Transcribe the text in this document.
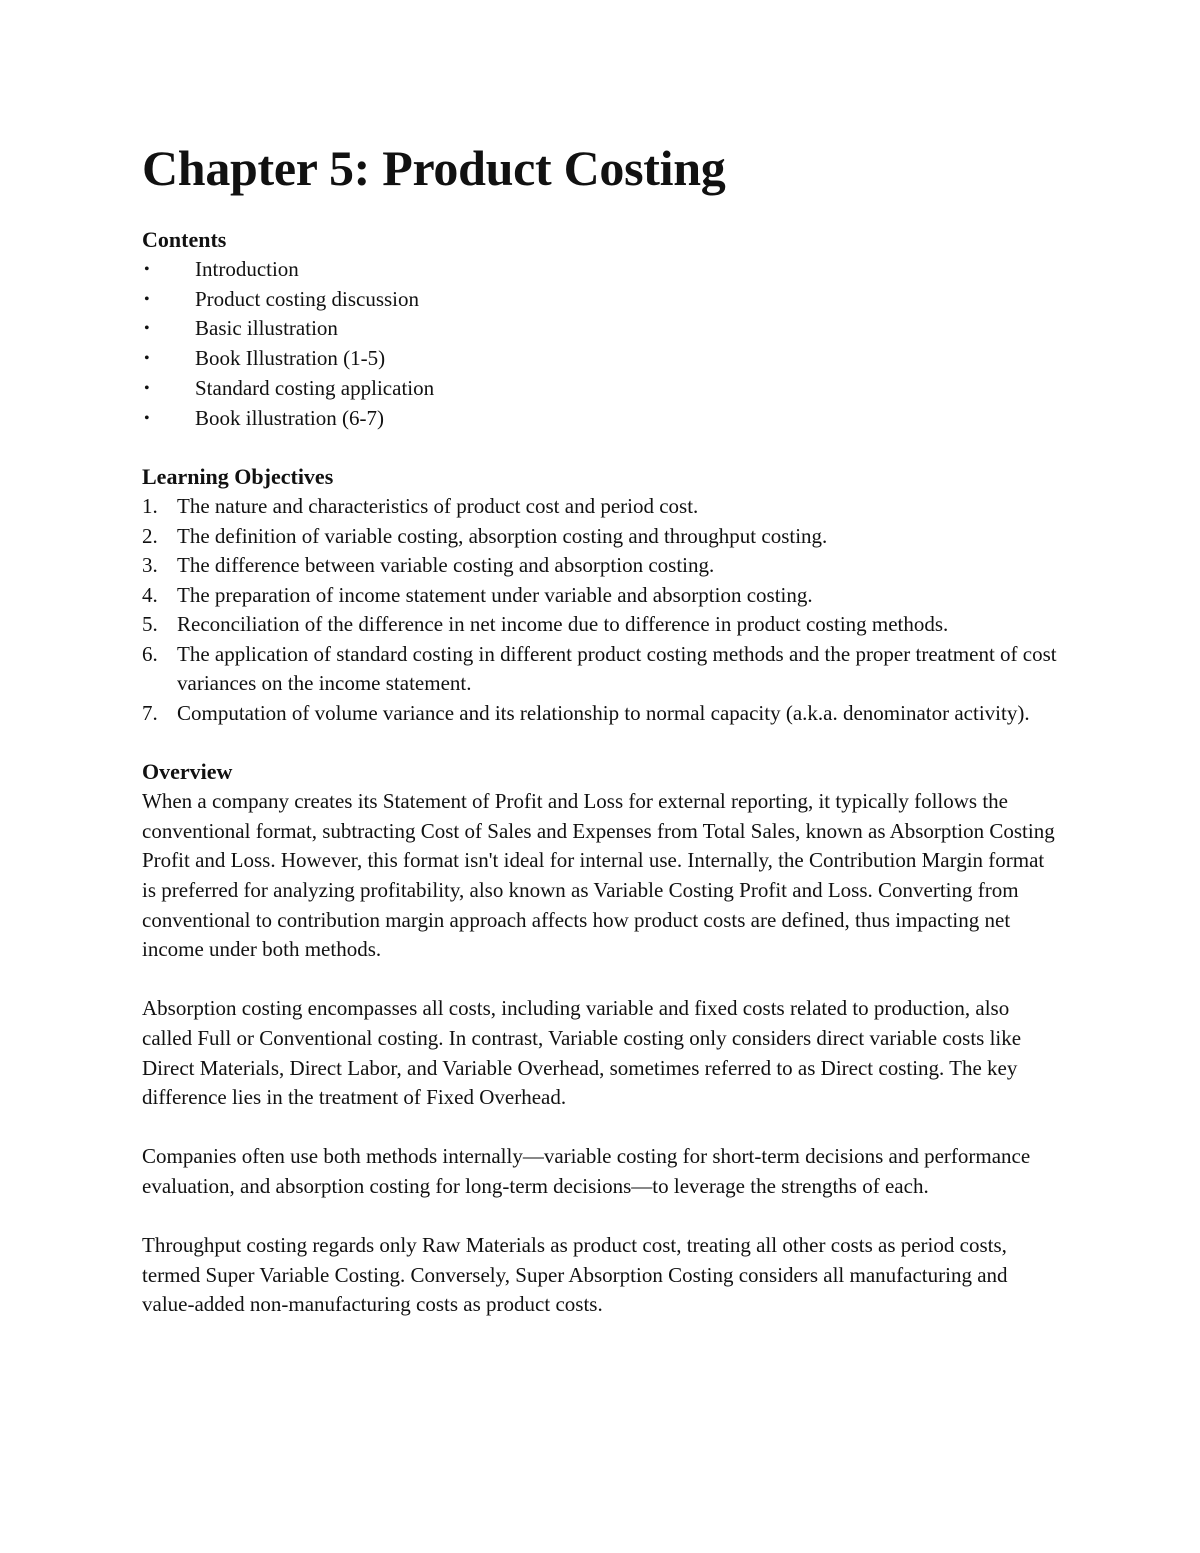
Chapter 5: Product Costing
Contents
• Introduction
• Product costing discussion
• Basic illustration
• Book Illustration (1-5)
• Standard costing application
• Book illustration (6-7)
Learning Objectives
1. The nature and characteristics of product cost and period cost.
2. The definition of variable costing, absorption costing and throughput costing.
3. The difference between variable costing and absorption costing.
4. The preparation of income statement under variable and absorption costing.
5. Reconciliation of the difference in net income due to difference in product costing methods.
6. The application of standard costing in different product costing methods and the proper treatment of cost variances on the income statement.
7. Computation of volume variance and its relationship to normal capacity (a.k.a. denominator activity).
Overview

When a company creates its Statement of Profit and Loss for external reporting, it typically follows the conventional format, subtracting Cost of Sales and Expenses from Total Sales, known as Absorption Costing Profit and Loss. However, this format isn't ideal for internal use. Internally, the Contribution Margin format is preferred for analyzing profitability, also known as Variable Costing Profit and Loss. Converting from conventional to contribution margin approach affects how product costs are defined, thus impacting net income under both methods.

Absorption costing encompasses all costs, including variable and fixed costs related to production, also called Full or Conventional costing. In contrast, Variable costing only considers direct variable costs like Direct Materials, Direct Labor, and Variable Overhead, sometimes referred to as Direct costing. The key difference lies in the treatment of Fixed Overhead.

Companies often use both methods internally—variable costing for short-term decisions and performance evaluation, and absorption costing for long-term decisions—to leverage the strengths of each.

Throughput costing regards only Raw Materials as product cost, treating all other costs as period costs, termed Super Variable Costing. Conversely, Super Absorption Costing considers all manufacturing and value-added non-manufacturing costs as product costs.
